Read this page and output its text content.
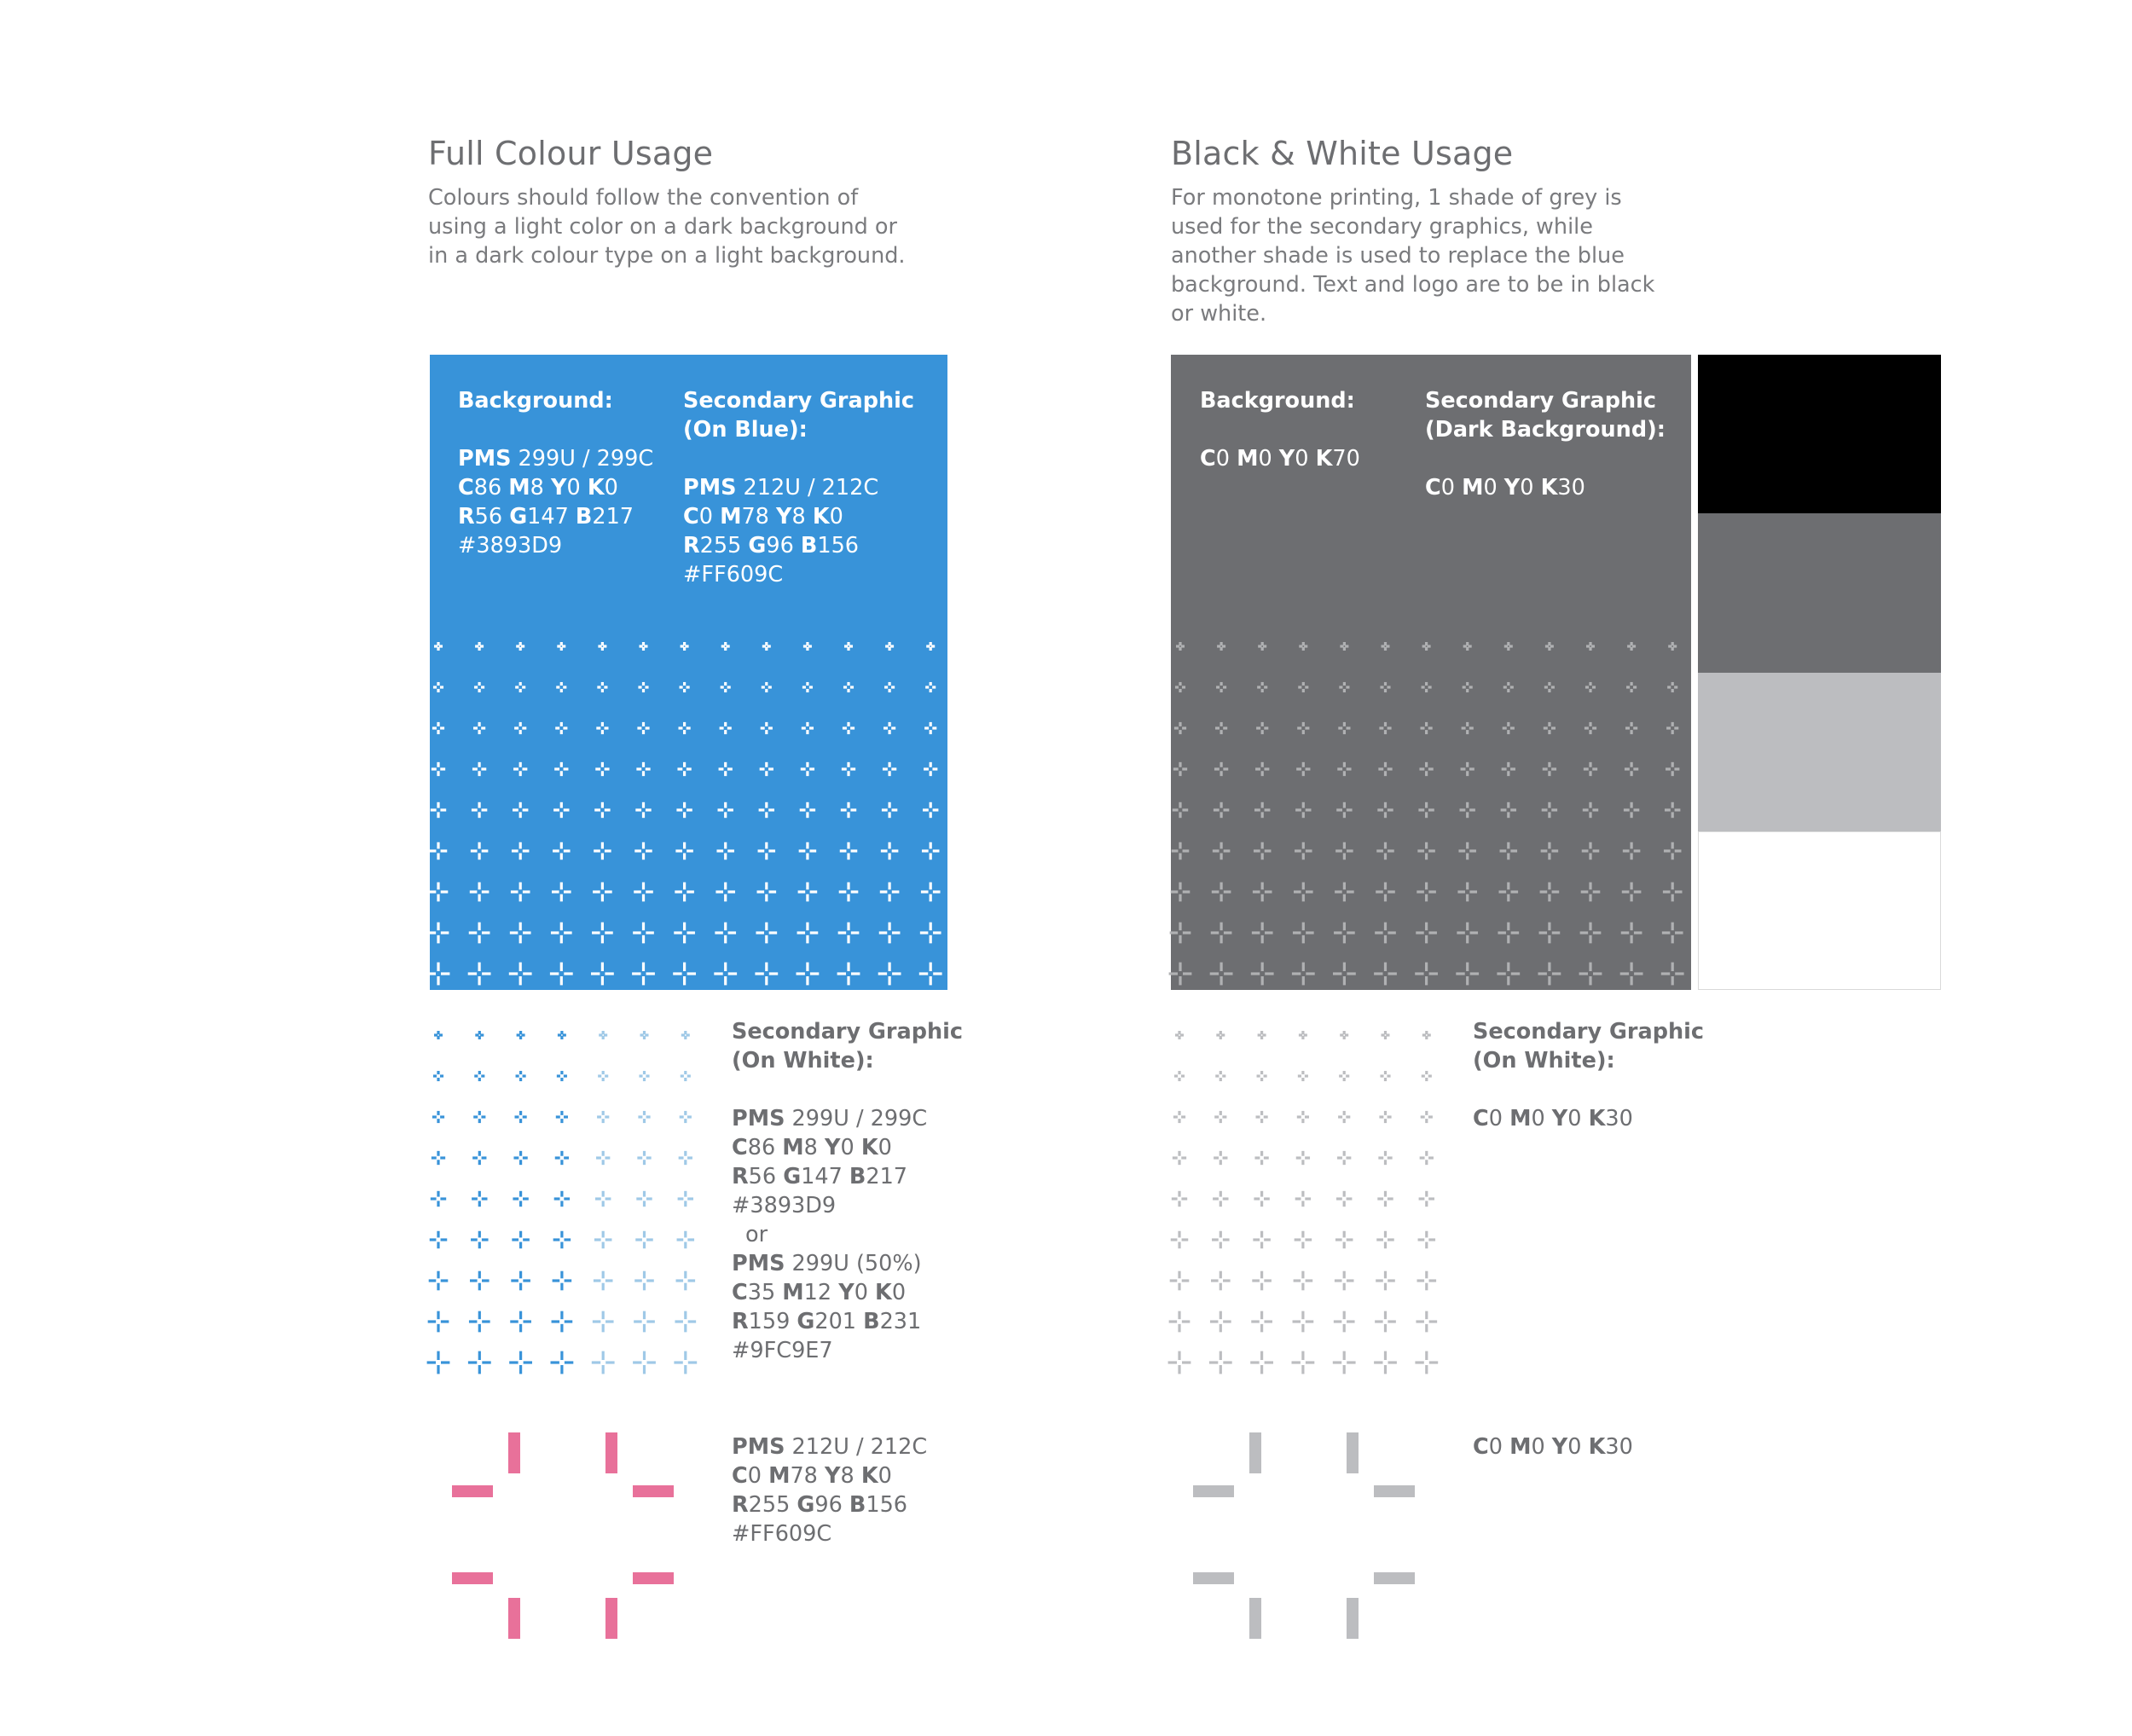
Full Colour Usage
Colours should follow the convention of
using a light color on a dark background or
in a dark colour type on a light background.
Background:
PMS 299U / 299C
C86 M8 Y0 K0
R56 G147 B217
#3893D9
Secondary Graphic
(On Blue):
PMS 212U / 212C
C0 M78 Y8 K0
R255 G96 B156
#FF609C
Secondary Graphic
(On White):
PMS 299U / 299C
C86 M8 Y0 K0
R56 G147 B217
#3893D9
or
PMS 299U (50%)
C35 M12 Y0 K0
R159 G201 B231
#9FC9E7
PMS 212U / 212C
C0 M78 Y8 K0
R255 G96 B156
#FF609C
Black & White Usage
For monotone printing, 1 shade of grey is
used for the secondary graphics, while
another shade is used to replace the blue
background. Text and logo are to be in black
or white.
Background:
C0 M0 Y0 K70
Secondary Graphic
(Dark Background):
C0 M0 Y0 K30
Secondary Graphic
(On White):
C0 M0 Y0 K30
C0 M0 Y0 K30
